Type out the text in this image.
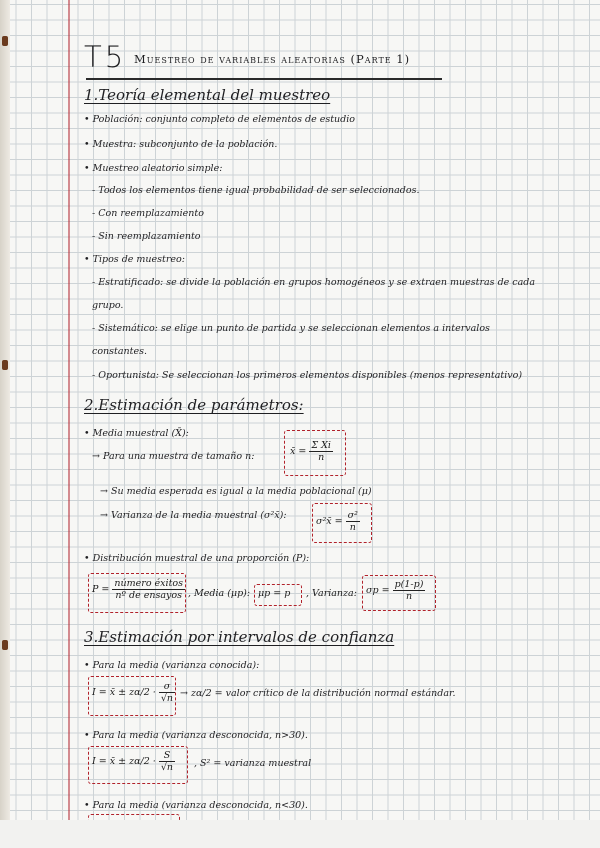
T5 Muestreo de variables aleatorias (Parte 1)
1.Teoría elemental del muestreo
• Población: conjunto completo de elementos de estudio
• Muestra: subconjunto de la población.
• Muestreo aleatorio simple:
- Todos los elementos tiene igual probabilidad de ser seleccionados.
- Con reemplazamiento
- Sin reemplazamiento
• Tipos de muestreo:
- Estratificado: se divide la población en grupos homogéneos y se extraen muestras de cada
grupo.
- Sistemático: se elige un punto de partida y se seleccionan elementos a intervalos
constantes.
- Oportunista: Se seleccionan los primeros elementos disponibles (menos representativo)
2.Estimación de parámetros:
• Media muestral (X̄):
→ Para una muestra de tamaño n:	x̄ = $\frac{\text{Σ Xi}}{n}$
→ Su media esperada es igual a la media poblacional (μ)
→ Varianza de la media muestral (σ²x̄):
σ²x̄ = $\frac{\text{σ²}}{n}$
• Distribución muestral de una proporción (P):
$P = \frac{\text{número éxitos}}{\text{nº de ensayos}}$ , Media (μp): μp = p , Varianza: $\sigma p = \frac{p(1-p)}{n}$
3.Estimación por intervalos de confianza
• Para la media (varianza conocida):
I = x̄ ± $z\alpha/2 \cdot \frac{\sigma}{√n} \to z\alpha/2$ = valor crítico de la distribución normal estándar.
• Para la media (varianza desconocida, n>30).
I = x̄ ± $z\alpha/2 \cdot \frac{S}{√n}$ , S² = varianza muestral
• Para la media (varianza desconocida, n<30).
